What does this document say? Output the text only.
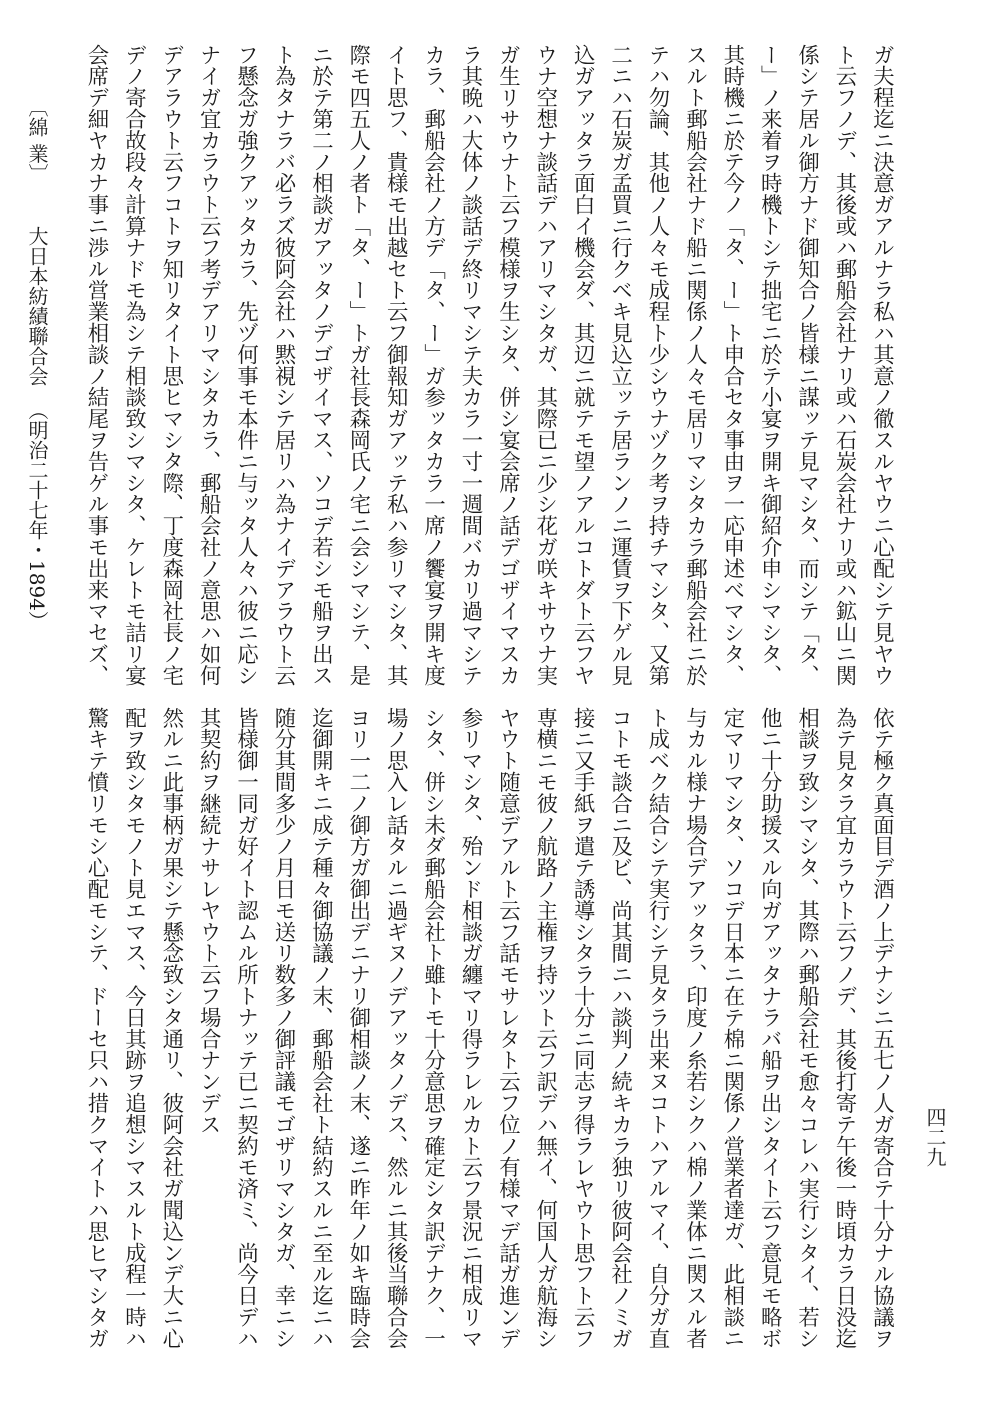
ガ夫程迄ニ決意ガアルナラ私ハ其意ノ徹スルヤウニ心配シテ見ヤウ
ト云フノデ、其後或ハ郵船会社ナリ或ハ石炭会社ナリ或ハ鉱山ニ関
係シテ居ル御方ナド御知合ノ皆様ニ謀ッテ見マシタ、而シテ「タ、
ー」ノ来着ヲ時機トシテ拙宅ニ於テ小宴ヲ開キ御紹介申シマシタ、
其時機ニ於テ今ノ「タ、ー」ト申合セタ事由ヲ一応申述べマシタ、
スルト郵船会社ナド船ニ関係ノ人々モ居リマシタカラ郵船会社ニ於
テハ勿論、其他ノ人々モ成程ト少シウナヅク考ヲ持チマシタ、又第
二ニハ石炭ガ孟買ニ行クベキ見込立ッテ居ランノニ運賃ヲ下ゲル見
込ガアッタラ面白イ機会ダ、其辺ニ就テモ望ノアルコトダト云フヤ
ウナ空想ナ談話デハアリマシタガ、其際已ニ少シ花ガ咲キサウナ実
ガ生リサウナト云フ模様ヲ生シタ、併シ宴会席ノ話デゴザイマスカ
ラ其晩ハ大体ノ談話デ終リマシテ夫カラ一寸一週間バカリ過マシテ
カラ、郵船会社ノ方デ「タ、ー」ガ参ッタカラ一席ノ饗宴ヲ開キ度
イト思フ、貴様モ出越セト云フ御報知ガアッテ私ハ参リマシタ、其
際モ四五人ノ者ト「タ、ー」トガ社長森岡氏ノ宅ニ会シマシテ、是
ニ於テ第二ノ相談ガアッタノデゴザイマス、ソコデ若シモ船ヲ出ス
ト為タナラバ必ラズ彼阿会社ハ黙視シテ居リハ為ナイデアラウト云
フ懸念ガ強クアッタカラ、先ヅ何事モ本件ニ与ッタ人々ハ彼ニ応シ
ナイガ宜カラウト云フ考デアリマシタカラ、郵船会社ノ意思ハ如何
デアラウト云フコトヲ知リタイト思ヒマシタ際、丁度森岡社長ノ宅
デノ寄合故段々計算ナドモ為シテ相談致シマシタ、ケレトモ詰リ宴
会席デ細ヤカナ事ニ渉ル営業相談ノ結尾ヲ告ゲル事モ出来マセズ、
依テ極ク真面目デ酒ノ上デナシニ五七ノ人ガ寄合テ十分ナル協議ヲ
為テ見タラ宜カラウト云フノデ、其後打寄テ午後一時頃カラ日没迄
相談ヲ致シマシタ、其際ハ郵船会社モ愈々コレハ実行シタイ、若シ
他ニ十分助援スル向ガアッタナラバ船ヲ出シタイト云フ意見モ略ボ
定マリマシタ、ソコデ日本ニ在テ棉ニ関係ノ営業者達ガ、此相談ニ
与カル様ナ場合デアッタラ、印度ノ糸若シクハ棉ノ業体ニ関スル者
ト成ベク結合シテ実行シテ見タラ出来ヌコトハアルマイ、自分ガ直
コトモ談合ニ及ビ、尚其間ニハ談判ノ続キカラ独リ彼阿会社ノミガ
接ニ又手紙ヲ遣テ誘導シタラ十分ニ同志ヲ得ラレヤウト思フト云フ
専横ニモ彼ノ航路ノ主権ヲ持ツト云フ訳デハ無イ、何国人ガ航海シ
ヤウト随意デアルト云フ話モサレタト云フ位ノ有様マデ話ガ進ンデ
参リマシタ、殆ンド相談ガ纏マリ得ラレルカト云フ景況ニ相成リマ
シタ、併シ未ダ郵船会社ト雖トモ十分意思ヲ確定シタ訳デナク、一
場ノ思入レ話タルニ過ギヌノデアッタノデス、然ルニ其後当聯合会
ヨリ一二ノ御方ガ御出デニナリ御相談ノ末、遂ニ昨年ノ如キ臨時会
迄御開キニ成テ種々御協議ノ末、郵船会社ト結約スルニ至ル迄ニハ
随分其間多少ノ月日モ送リ数多ノ御評議モゴザリマシタガ、幸ニシ
皆様御一同ガ好イト認ムル所トナッテ已ニ契約モ済ミ、尚今日デハ
其契約ヲ継続ナサレヤウト云フ場合ナンデス
然ルニ此事柄ガ果シテ懸念致シタ通リ、彼阿会社ガ聞込ンデ大ニ心
配ヲ致シタモノト見エマス、今日其跡ヲ追想シマスルト成程一時ハ
驚キテ憤リモシ心配モシテ、ドーセ只ハ措クマイトハ思ヒマシタガ
〔綿 業〕
大日本紡績聯合会
（明治二十七年・1894）
四二九
